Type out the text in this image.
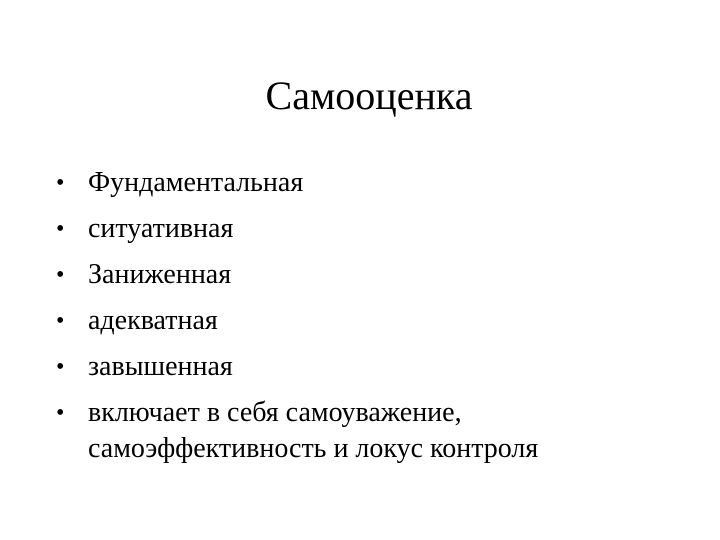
Самооценка
• Фундаментальная
• ситуативная
• Заниженная
• адекватная
• завышенная
• включает в себя самоуважение,
самоэффективность и локус контроля
